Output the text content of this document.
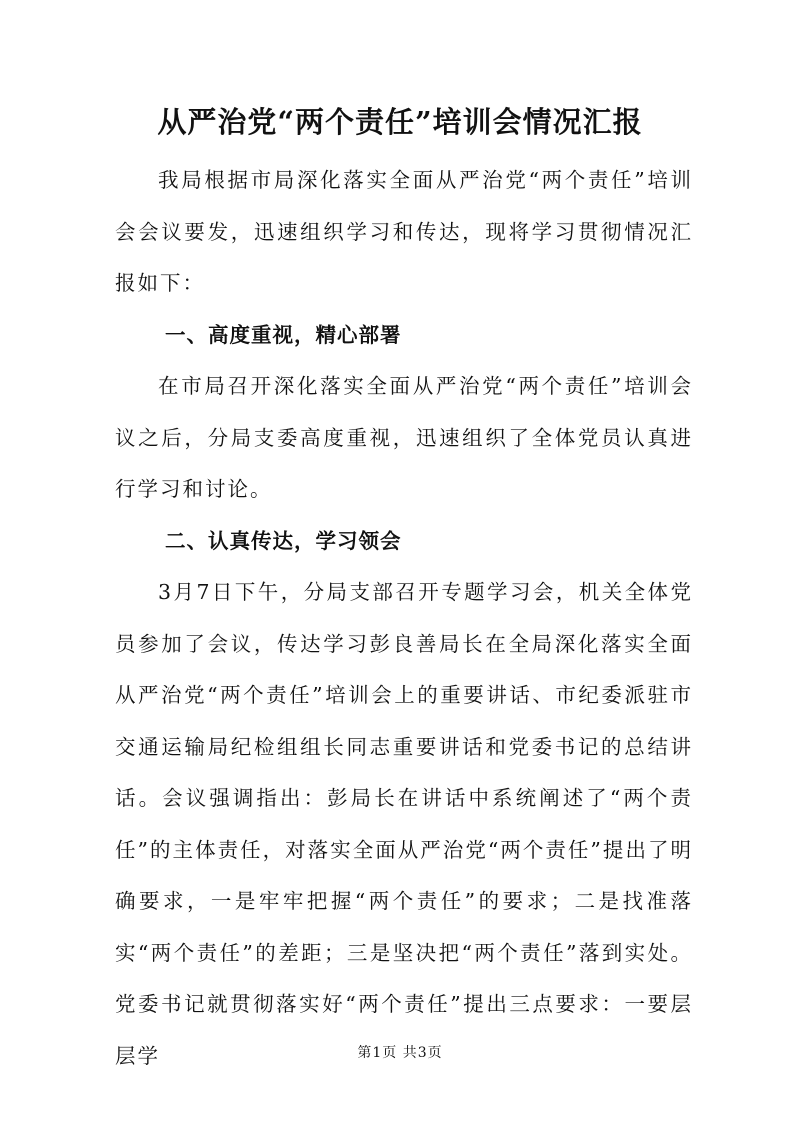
从严治党“两个责任”培训会情况汇报

我局根据市局深化落实全面从严治党“两个责任”培训会会议要发，迅速组织学习和传达，现将学习贯彻情况汇报如下：

一、高度重视，精心部署

在市局召开深化落实全面从严治党“两个责任”培训会议之后，分局支委高度重视，迅速组织了全体党员认真进行学习和讨论。

二、认真传达，学习领会

3月7日下午，分局支部召开专题学习会，机关全体党员参加了会议，传达学习彭良善局长在全局深化落实全面从严治党“两个责任”培训会上的重要讲话、市纪委派驻市交通运输局纪检组组长同志重要讲话和党委书记的总结讲话。会议强调指出：彭局长在讲话中系统阐述了“两个责任”的主体责任，对落实全面从严治党“两个责任”提出了明确要求，一是牢牢把握“两个责任”的要求；二是找准落实“两个责任”的差距；三是坚决把“两个责任”落到实处。党委书记就贯彻落实好“两个责任”提出三点要求：一要层层学	第1页 共3页
